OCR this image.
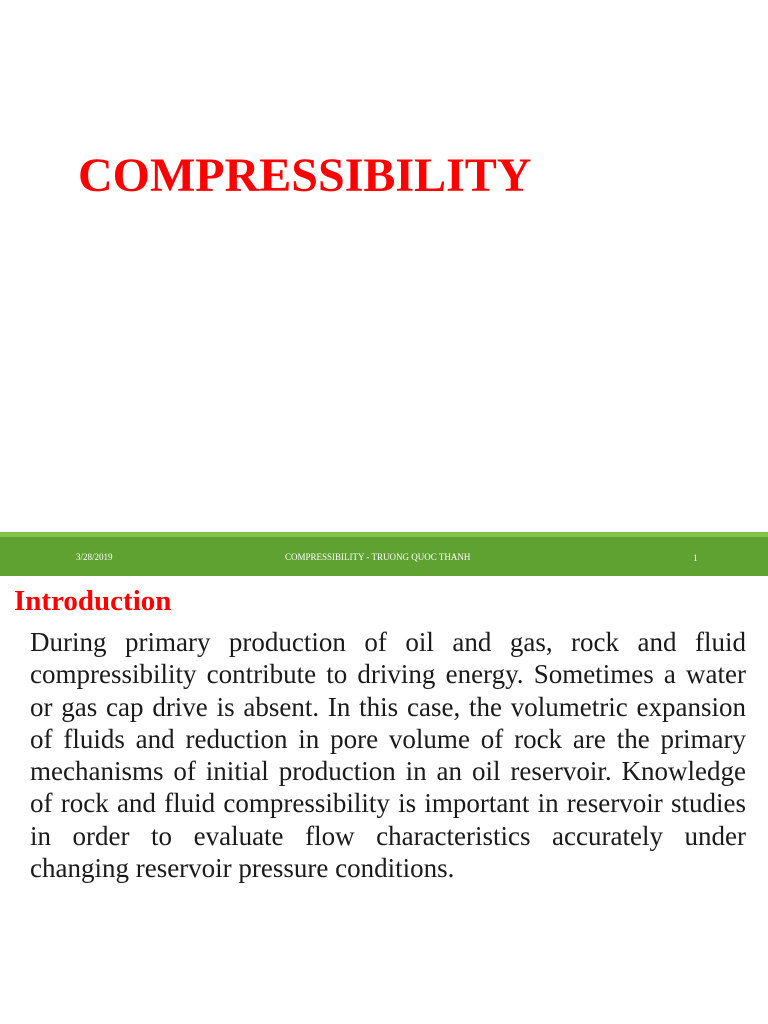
COMPRESSIBILITY
3/28/2019	COMPRESSIBILITY - TRUONG QUOC THANH	1
Introduction

During primary production of oil and gas, rock and fluid compressibility contribute to driving energy. Sometimes a water or gas cap drive is absent. In this case, the volumetric expansion of fluids and reduction in pore volume of rock are the primary mechanisms of initial production in an oil reservoir. Knowledge of rock and fluid compressibility is important in reservoir studies in order to evaluate flow characteristics accurately under changing reservoir pressure conditions.
